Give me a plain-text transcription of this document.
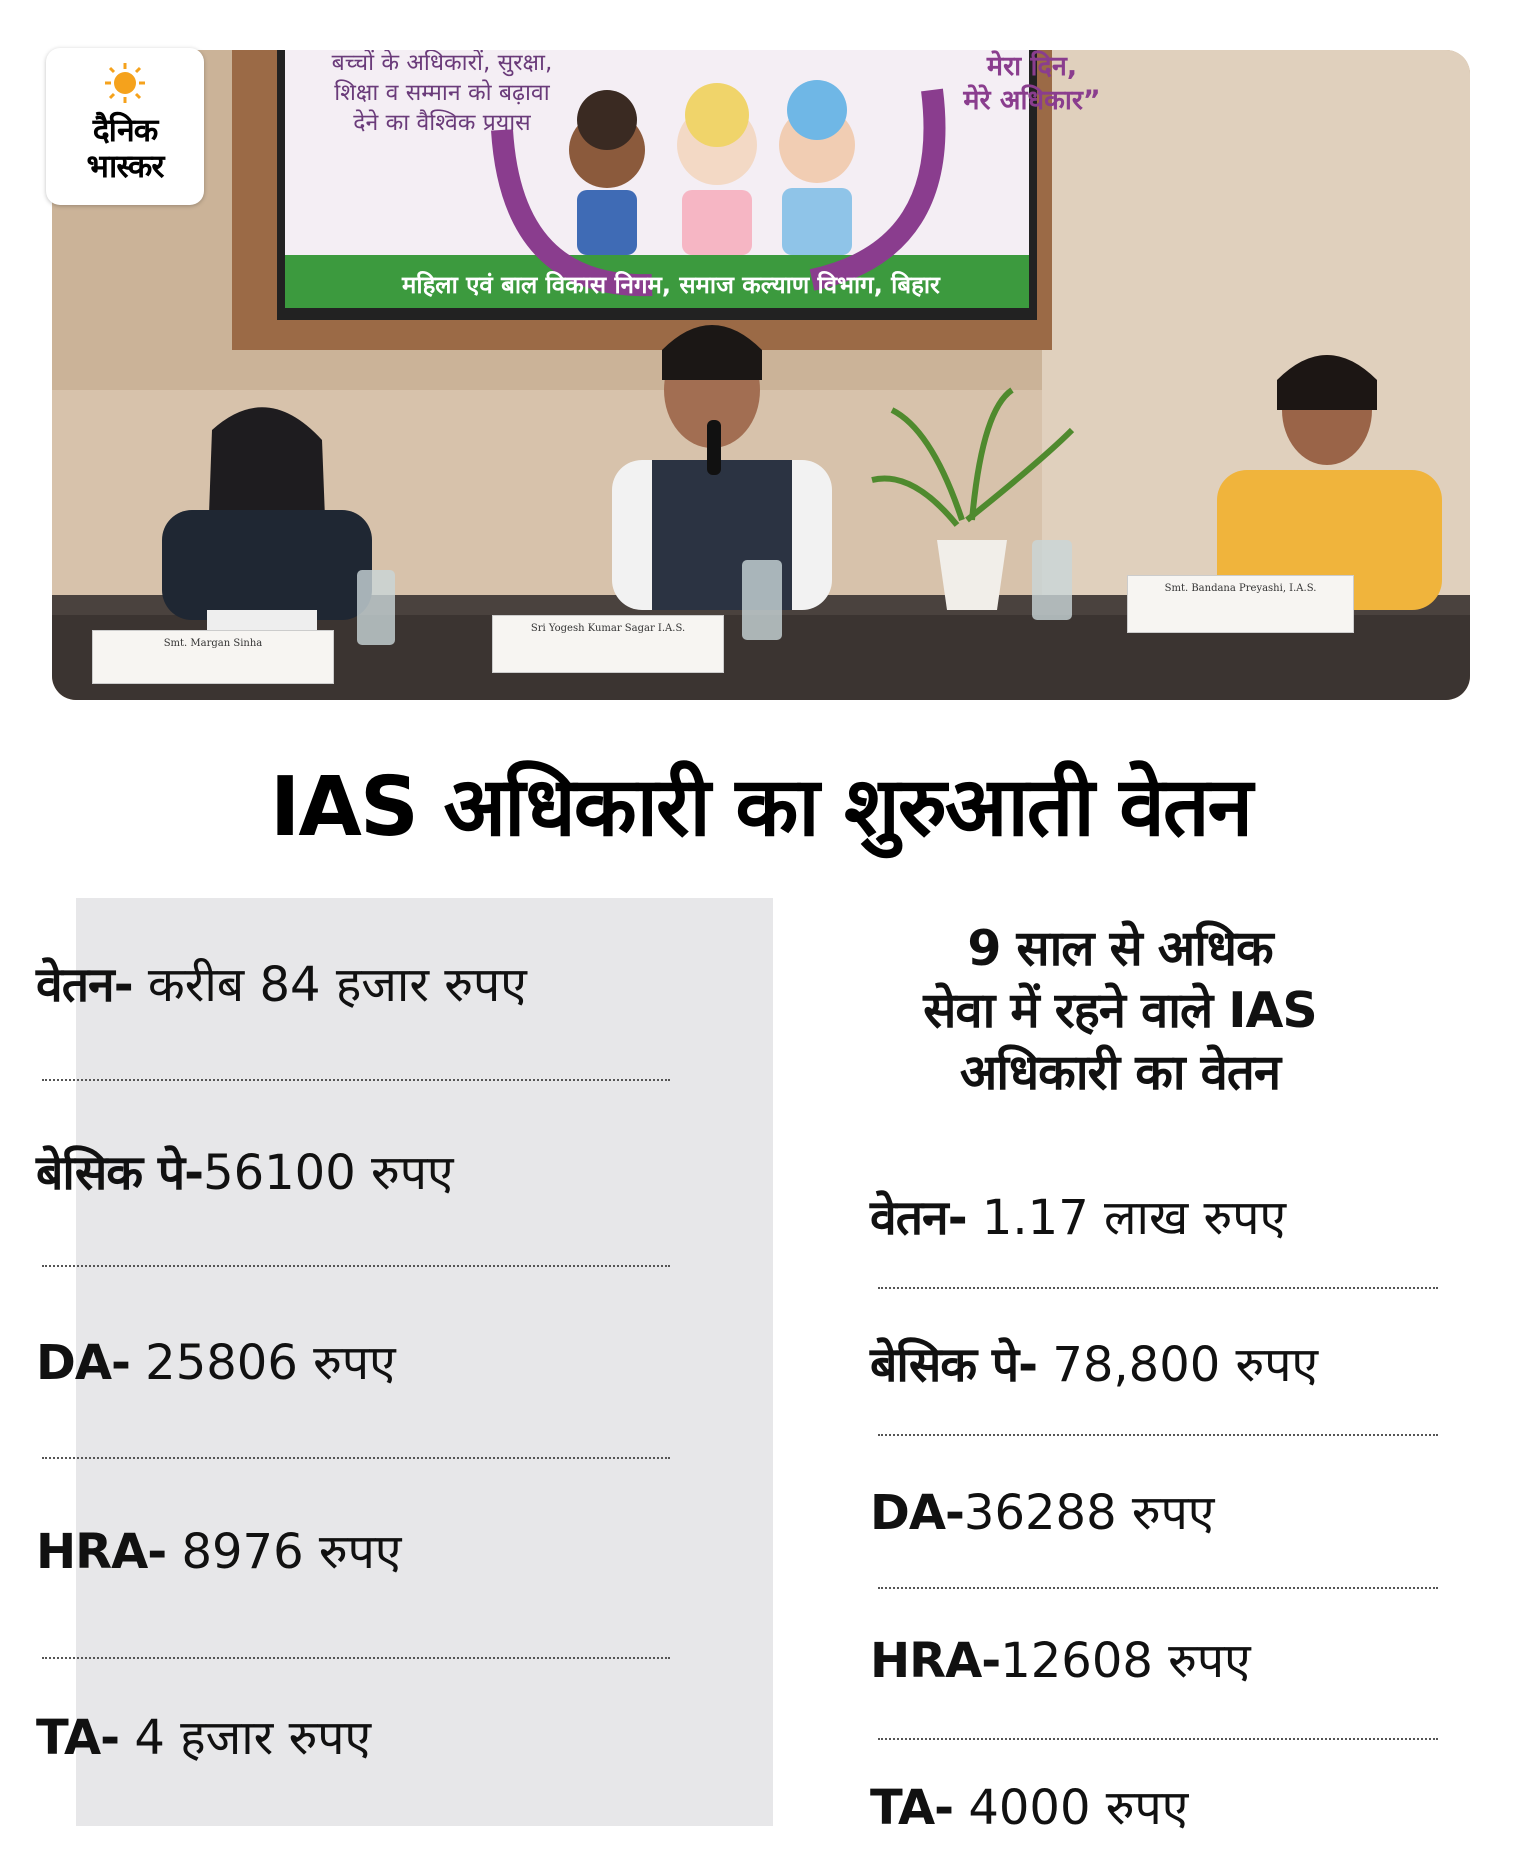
बच्चों के अधिकारों, सुरक्षा,
शिक्षा व सम्मान को बढ़ावा
देने का वैश्विक प्रयास
मेरा दिन,
मेरे अधिकार”
महिला एवं बाल विकास निगम, समाज कल्याण विभाग, बिहार
Smt. Margan Sinha
Sri Yogesh Kumar Sagar I.A.S.
Smt. Bandana Preyashi, I.A.S.
दैनिक
भास्कर
IAS अधिकारी का शुरुआती वेतन
वेतन- करीब 84 हजार रुपए
बेसिक पे-56100 रुपए
DA- 25806 रुपए
HRA- 8976 रुपए
TA- 4 हजार रुपए
9 साल से अधिक
सेवा में रहने वाले IAS
अधिकारी का वेतन
वेतन- 1.17 लाख रुपए
बेसिक पे- 78,800 रुपए
DA-36288 रुपए
HRA-12608 रुपए
TA- 4000 रुपए
